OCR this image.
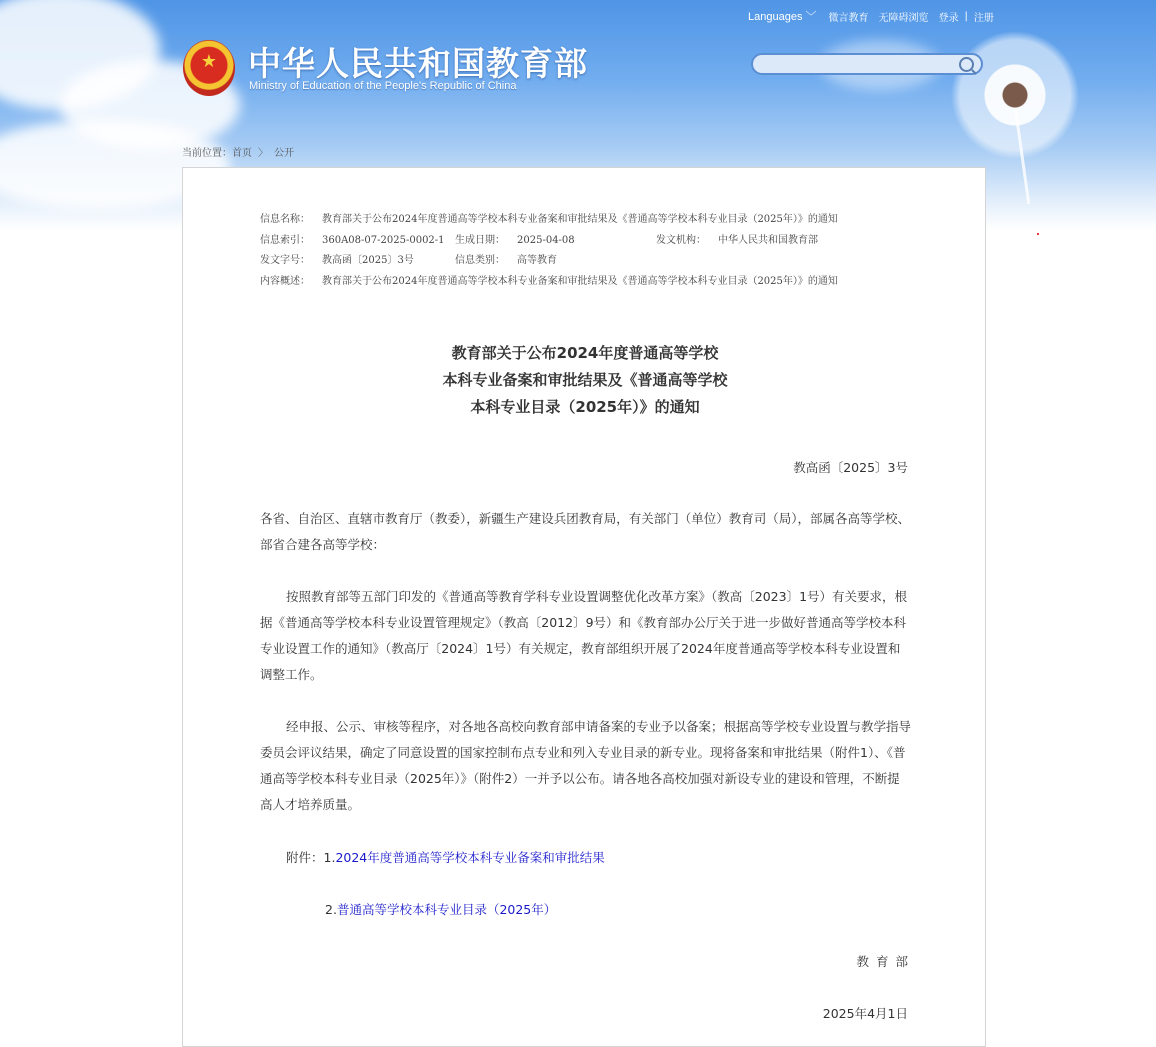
Languages ﹀ 微言教育 无障碍浏览 登录 | 注册
★ 中华人民共和国教育部
Ministry of Education of the People's Republic of China
当前位置：首页 〉 公开
信息名称： 教育部关于公布2024年度普通高等学校本科专业备案和审批结果及《普通高等学校本科专业目录（2025年）》的通知
信息索引： 360A08-07-2025-0002-1 生成日期： 2025-04-08	发文机构： 中华人民共和国教育部
发文字号： 教高函〔2025〕3号	信息类别： 高等教育
内容概述： 教育部关于公布2024年度普通高等学校本科专业备案和审批结果及《普通高等学校本科专业目录（2025年）》的通知
教育部关于公布2024年度普通高等学校
本科专业备案和审批结果及《普通高等学校
本科专业目录（2025年）》的通知
教高函〔2025〕3号
各省、自治区、直辖市教育厅（教委），新疆生产建设兵团教育局，有关部门（单位）教育司（局），部属各高等学校、部省合建各高等学校：
按照教育部等五部门印发的《普通高等教育学科专业设置调整优化改革方案》（教高〔2023〕1号）有关要求，根据《普通高等学校本科专业设置管理规定》（教高〔2012〕9号）和《教育部办公厅关于进一步做好普通高等学校本科专业设置工作的通知》（教高厅〔2024〕1号）有关规定，教育部组织开展了2024年度普通高等学校本科专业设置和调整工作。
经申报、公示、审核等程序，对各地各高校向教育部申请备案的专业予以备案；根据高等学校专业设置与教学指导委员会评议结果，确定了同意设置的国家控制布点专业和列入专业目录的新专业。现将备案和审批结果（附件1）、《普通高等学校本科专业目录（2025年）》（附件2）一并予以公布。请各地各高校加强对新设专业的建设和管理，不断提高人才培养质量。
附件：1.2024年度普通高等学校本科专业备案和审批结果
2.普通高等学校本科专业目录（2025年）
教育部
2025年4月1日
